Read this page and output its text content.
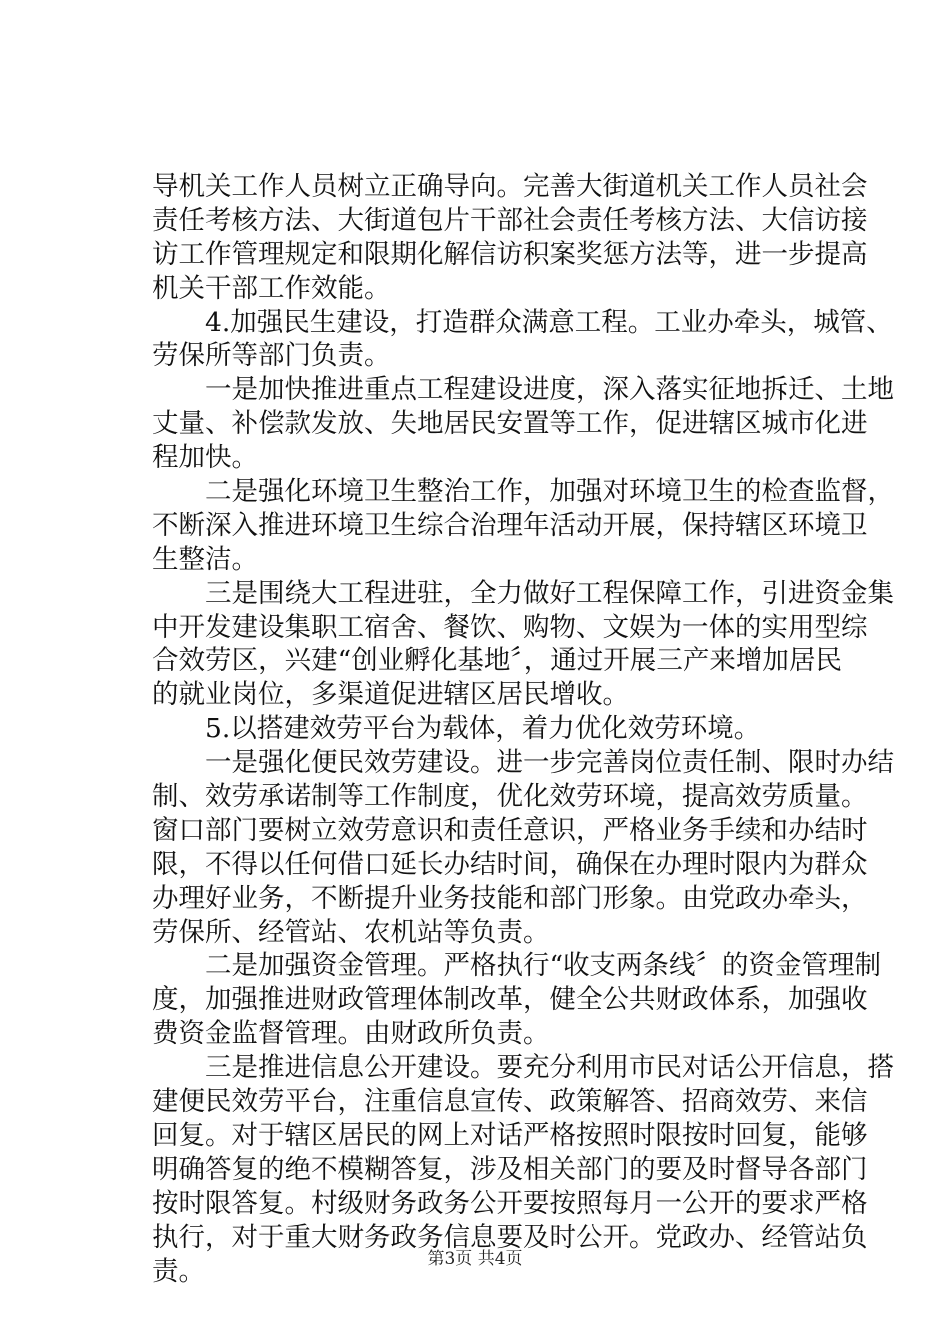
导机关工作人员树立正确导向。完善大街道机关工作人员社会
责任考核方法、大街道包片干部社会责任考核方法、大信访接
访工作管理规定和限期化解信访积案奖惩方法等，进一步提高
机关干部工作效能。
4.加强民生建设，打造群众满意工程。工业办牵头，城管、
劳保所等部门负责。
一是加快推进重点工程建设进度，深入落实征地拆迁、土地
丈量、补偿款发放、失地居民安置等工作，促进辖区城市化进
程加快。
二是强化环境卫生整治工作，加强对环境卫生的检查监督，
不断深入推进环境卫生综合治理年活动开展，保持辖区环境卫
生整洁。
三是围绕大工程进驻，全力做好工程保障工作，引进资金集
中开发建设集职工宿舍、餐饮、购物、文娱为一体的实用型综
合效劳区，兴建“创业孵化基地〞，通过开展三产来增加居民
的就业岗位，多渠道促进辖区居民增收。
5.以搭建效劳平台为载体，着力优化效劳环境。
一是强化便民效劳建设。进一步完善岗位责任制、限时办结
制、效劳承诺制等工作制度，优化效劳环境，提高效劳质量。
窗口部门要树立效劳意识和责任意识，严格业务手续和办结时
限，不得以任何借口延长办结时间，确保在办理时限内为群众
办理好业务，不断提升业务技能和部门形象。由党政办牵头，
劳保所、经管站、农机站等负责。
二是加强资金管理。严格执行“收支两条线〞的资金管理制
度，加强推进财政管理体制改革，健全公共财政体系，加强收
费资金监督管理。由财政所负责。
三是推进信息公开建设。要充分利用市民对话公开信息，搭
建便民效劳平台，注重信息宣传、政策解答、招商效劳、来信
回复。对于辖区居民的网上对话严格按照时限按时回复，能够
明确答复的绝不模糊答复，涉及相关部门的要及时督导各部门
按时限答复。村级财务政务公开要按照每月一公开的要求严格
执行，对于重大财务政务信息要及时公开。党政办、经管站负
责。	第3页 共4页
